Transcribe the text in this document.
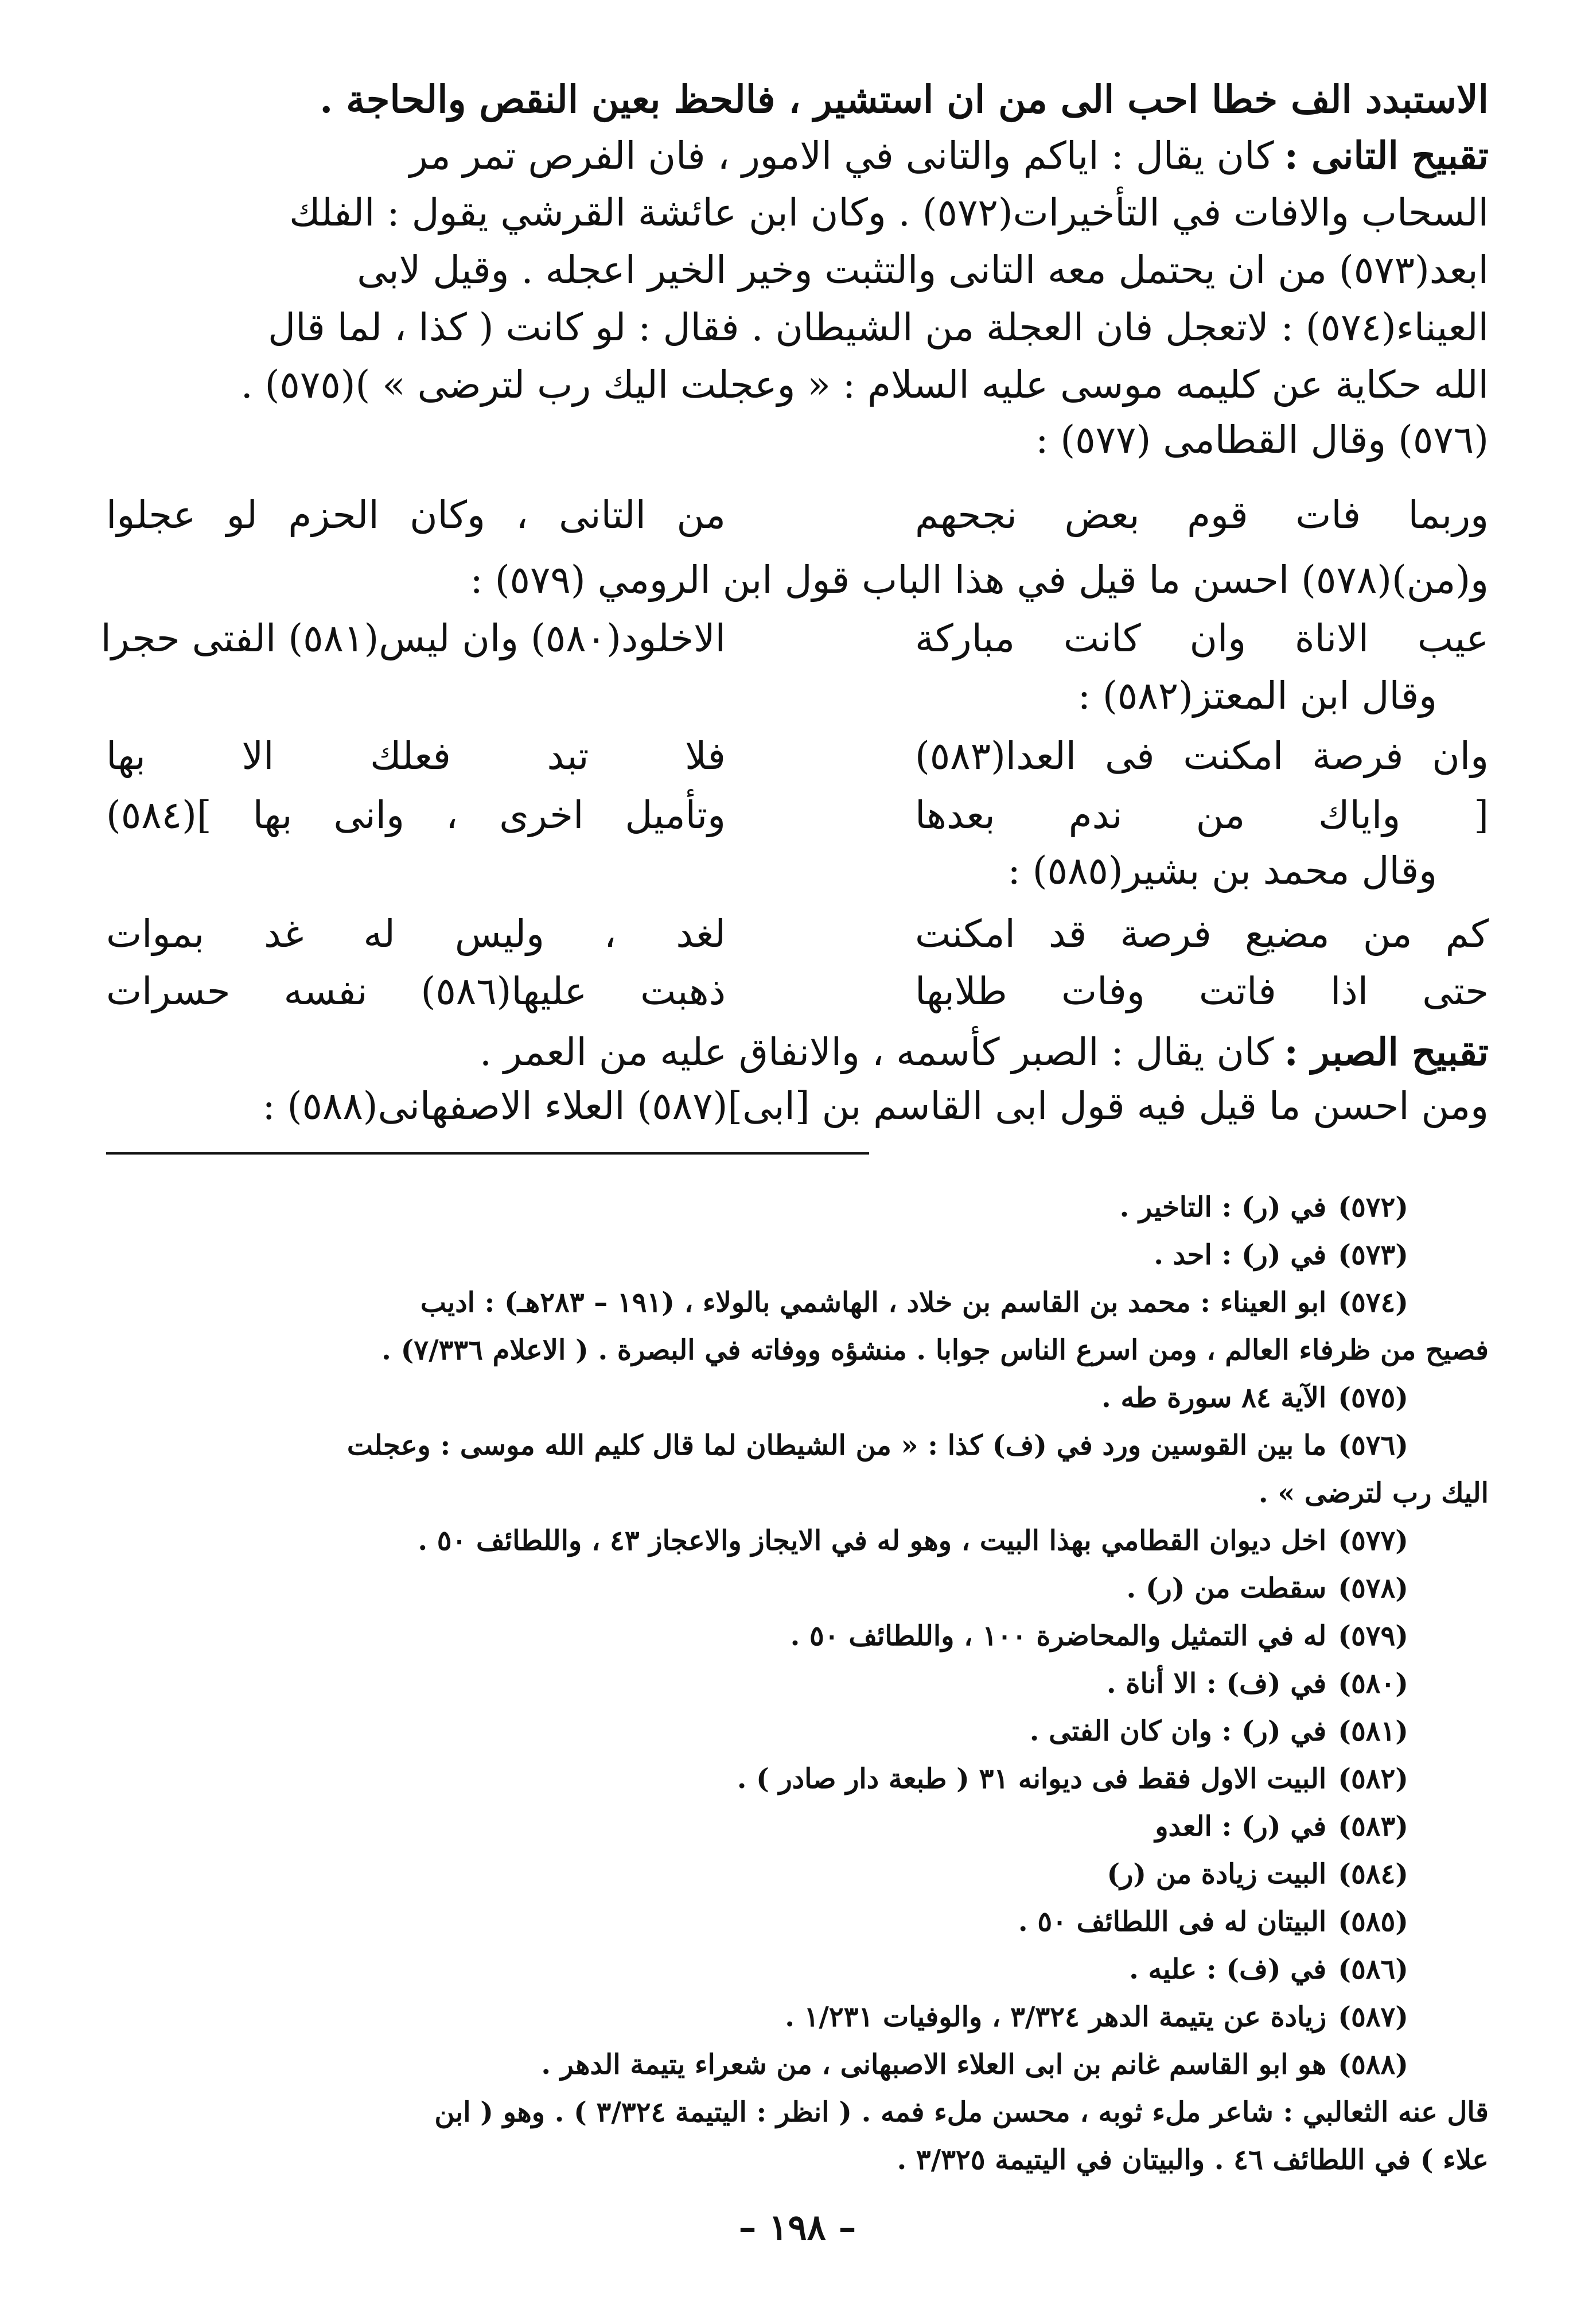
الاستبدد الف خطا احب الى من ان استشير ، فالحظ بعين النقص والحاجة .
تقبيح التانى :كان يقال : اياكم والتانى في الامور ، فان الفرص تمر مر
السحاب والافات في التأخيرات(٥٧٢) . وكان ابن عائشة القرشي يقول : الفلك
ابعد(٥٧٣) من ان يحتمل معه التانى والتثبت وخير الخير اعجله . وقيل لابى
العيناء(٥٧٤) : لاتعجل فان العجلة من الشيطان . فقال : لو كانت ( كذا ، لما قال
الله حكاية عن كليمه موسى عليه السلام : « وعجلت اليك رب لترضى » )(٥٧٥) .
(٥٧٦) وقال القطامى (٥٧٧) :
وربما فات قوم بعض نجحهم
من التانى ، وكان الحزم لو عجلوا
و(من)(٥٧٨) احسن ما قيل في هذا الباب قول ابن الرومي (٥٧٩) :
عيب الاناة وان كانت مباركة
الاخلود(٥٨٠) وان ليس(٥٨١) الفتى حجرا
وقال ابن المعتز(٥٨٢) :
وان فرصة امكنت فى العدا(٥٨٣)
فلا تبد فعلك الا بها
[ واياك من ندم بعدها
وتأميل اخرى ، وانى بها ](٥٨٤)
وقال محمد بن بشير(٥٨٥) :
كم من مضيع فرصة قد امكنت
لغد ، وليس له غد بموات
حتى اذا فاتت وفات طلابها
ذهبت عليها(٥٨٦) نفسه حسرات
تقبيح الصبر :كان يقال : الصبر كأسمه ، والانفاق عليه من العمر .
ومن احسن ما قيل فيه قول ابى القاسم بن [ابى](٥٨٧) العلاء الاصفهانى(٥٨٨) :
(٥٧٢)في (ر) : التاخير .
(٥٧٣)في (ر) : احد .
(٥٧٤)ابو العيناء : محمد بن القاسم بن خلاد ، الهاشمي بالولاء ، (١٩١ – ٢٨٣هـ) : اديب
فصيح من ظرفاء العالم ، ومن اسرع الناس جوابا . منشؤه ووفاته في البصرة . ( الاعلام ٧/٣٣٦) .
(٥٧٥)الآية ٨٤ سورة طه .
(٥٧٦)ما بين القوسين ورد في (ف) كذا : « من الشيطان لما قال كليم الله موسى : وعجلت
اليك رب لترضى » .
(٥٧٧)اخل ديوان القطامي بهذا البيت ، وهو له في الايجاز والاعجاز ٤٣ ، واللطائف ٥٠ .
(٥٧٨)سقطت من (ر) .
(٥٧٩)له في التمثيل والمحاضرة ١٠٠ ، واللطائف ٥٠ .
(٥٨٠)في (ف) : الا أناة .
(٥٨١)في (ر) : وان كان الفتى .
(٥٨٢)البيت الاول فقط فى ديوانه ٣١ ( طبعة دار صادر ) .
(٥٨٣)في (ر) : العدو
(٥٨٤)البيت زيادة من (ر)
(٥٨٥)البيتان له فى اللطائف ٥٠ .
(٥٨٦)في (ف) : عليه .
(٥٨٧)زيادة عن يتيمة الدهر ٣/٣٢٤ ، والوفيات ١/٢٣١ .
(٥٨٨)هو ابو القاسم غانم بن ابى العلاء الاصبهانى ، من شعراء يتيمة الدهر .
قال عنه الثعالبي : شاعر ملء ثوبه ، محسن ملء فمه . ( انظر : اليتيمة ٣/٣٢٤ ) . وهو ( ابن
علاء ) في اللطائف ٤٦ . والبيتان في اليتيمة ٣/٣٢٥ .
– ١٩٨ –
